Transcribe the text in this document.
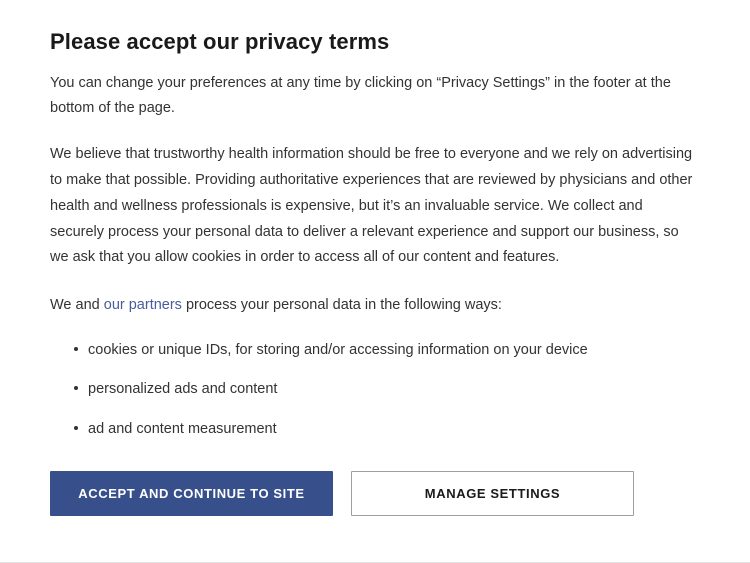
Please accept our privacy terms

You can change your preferences at any time by clicking on “Privacy Settings” in the footer at the bottom of the page.

We believe that trustworthy health information should be free to everyone and we rely on advertising to make that possible. Providing authoritative experiences that are reviewed by physicians and other health and wellness professionals is expensive, but it’s an invaluable service. We collect and securely process your personal data to deliver a relevant experience and support our business, so we ask that you allow cookies in order to access all of our content and features.

We and our partners process your personal data in the following ways:

cookies or unique IDs, for storing and/or accessing information on your device
personalized ads and content
ad and content measurement
ACCEPT AND CONTINUE TO SITE	MANAGE SETTINGS
